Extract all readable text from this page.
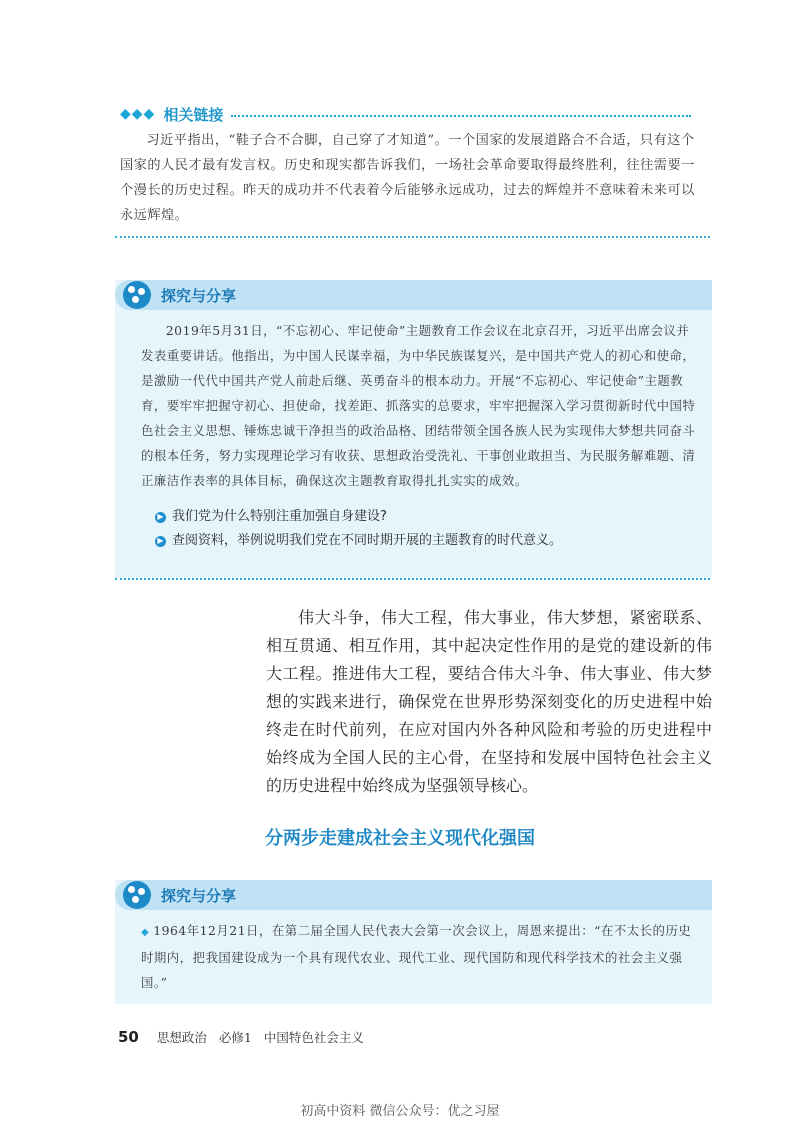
◆◆◆ 相关链接
习近平指出，“鞋子合不合脚，自己穿了才知道”。一个国家的发展道路合不合适，只有这个国家的人民才最有发言权。历史和现实都告诉我们，一场社会革命要取得最终胜利，往往需要一个漫长的历史过程。昨天的成功并不代表着今后能够永远成功，过去的辉煌并不意味着未来可以永远辉煌。
探究与分享
2019年5月31日，“不忘初心、牢记使命”主题教育工作会议在北京召开，习近平出席会议并发表重要讲话。他指出，为中国人民谋幸福，为中华民族谋复兴，是中国共产党人的初心和使命，是激励一代代中国共产党人前赴后继、英勇奋斗的根本动力。开展“不忘初心、牢记使命”主题教育，要牢牢把握守初心、担使命，找差距、抓落实的总要求，牢牢把握深入学习贯彻新时代中国特色社会主义思想、锤炼忠诚干净担当的政治品格、团结带领全国各族人民为实现伟大梦想共同奋斗的根本任务，努力实现理论学习有收获、思想政治受洗礼、干事创业敢担当、为民服务解难题、清正廉洁作表率的具体目标，确保这次主题教育取得扎扎实实的成效。
▶ 我们党为什么特别注重加强自身建设?
▶ 查阅资料，举例说明我们党在不同时期开展的主题教育的时代意义。
伟大斗争，伟大工程，伟大事业，伟大梦想，紧密联系、相互贯通、相互作用，其中起决定性作用的是党的建设新的伟大工程。推进伟大工程，要结合伟大斗争、伟大事业、伟大梦想的实践来进行，确保党在世界形势深刻变化的历史进程中始终走在时代前列，在应对国内外各种风险和考验的历史进程中始终成为全国人民的主心骨，在坚持和发展中国特色社会主义的历史进程中始终成为坚强领导核心。
分两步走建成社会主义现代化强国
探究与分享
◆ 1964年12月21日，在第二届全国人民代表大会第一次会议上，周恩来提出：“在不太长的历史时期内，把我国建设成为一个具有现代农业、现代工业、现代国防和现代科学技术的社会主义强国。”
50 思想政治 必修1 中国特色社会主义
初高中资料 微信公众号：优之习屋
